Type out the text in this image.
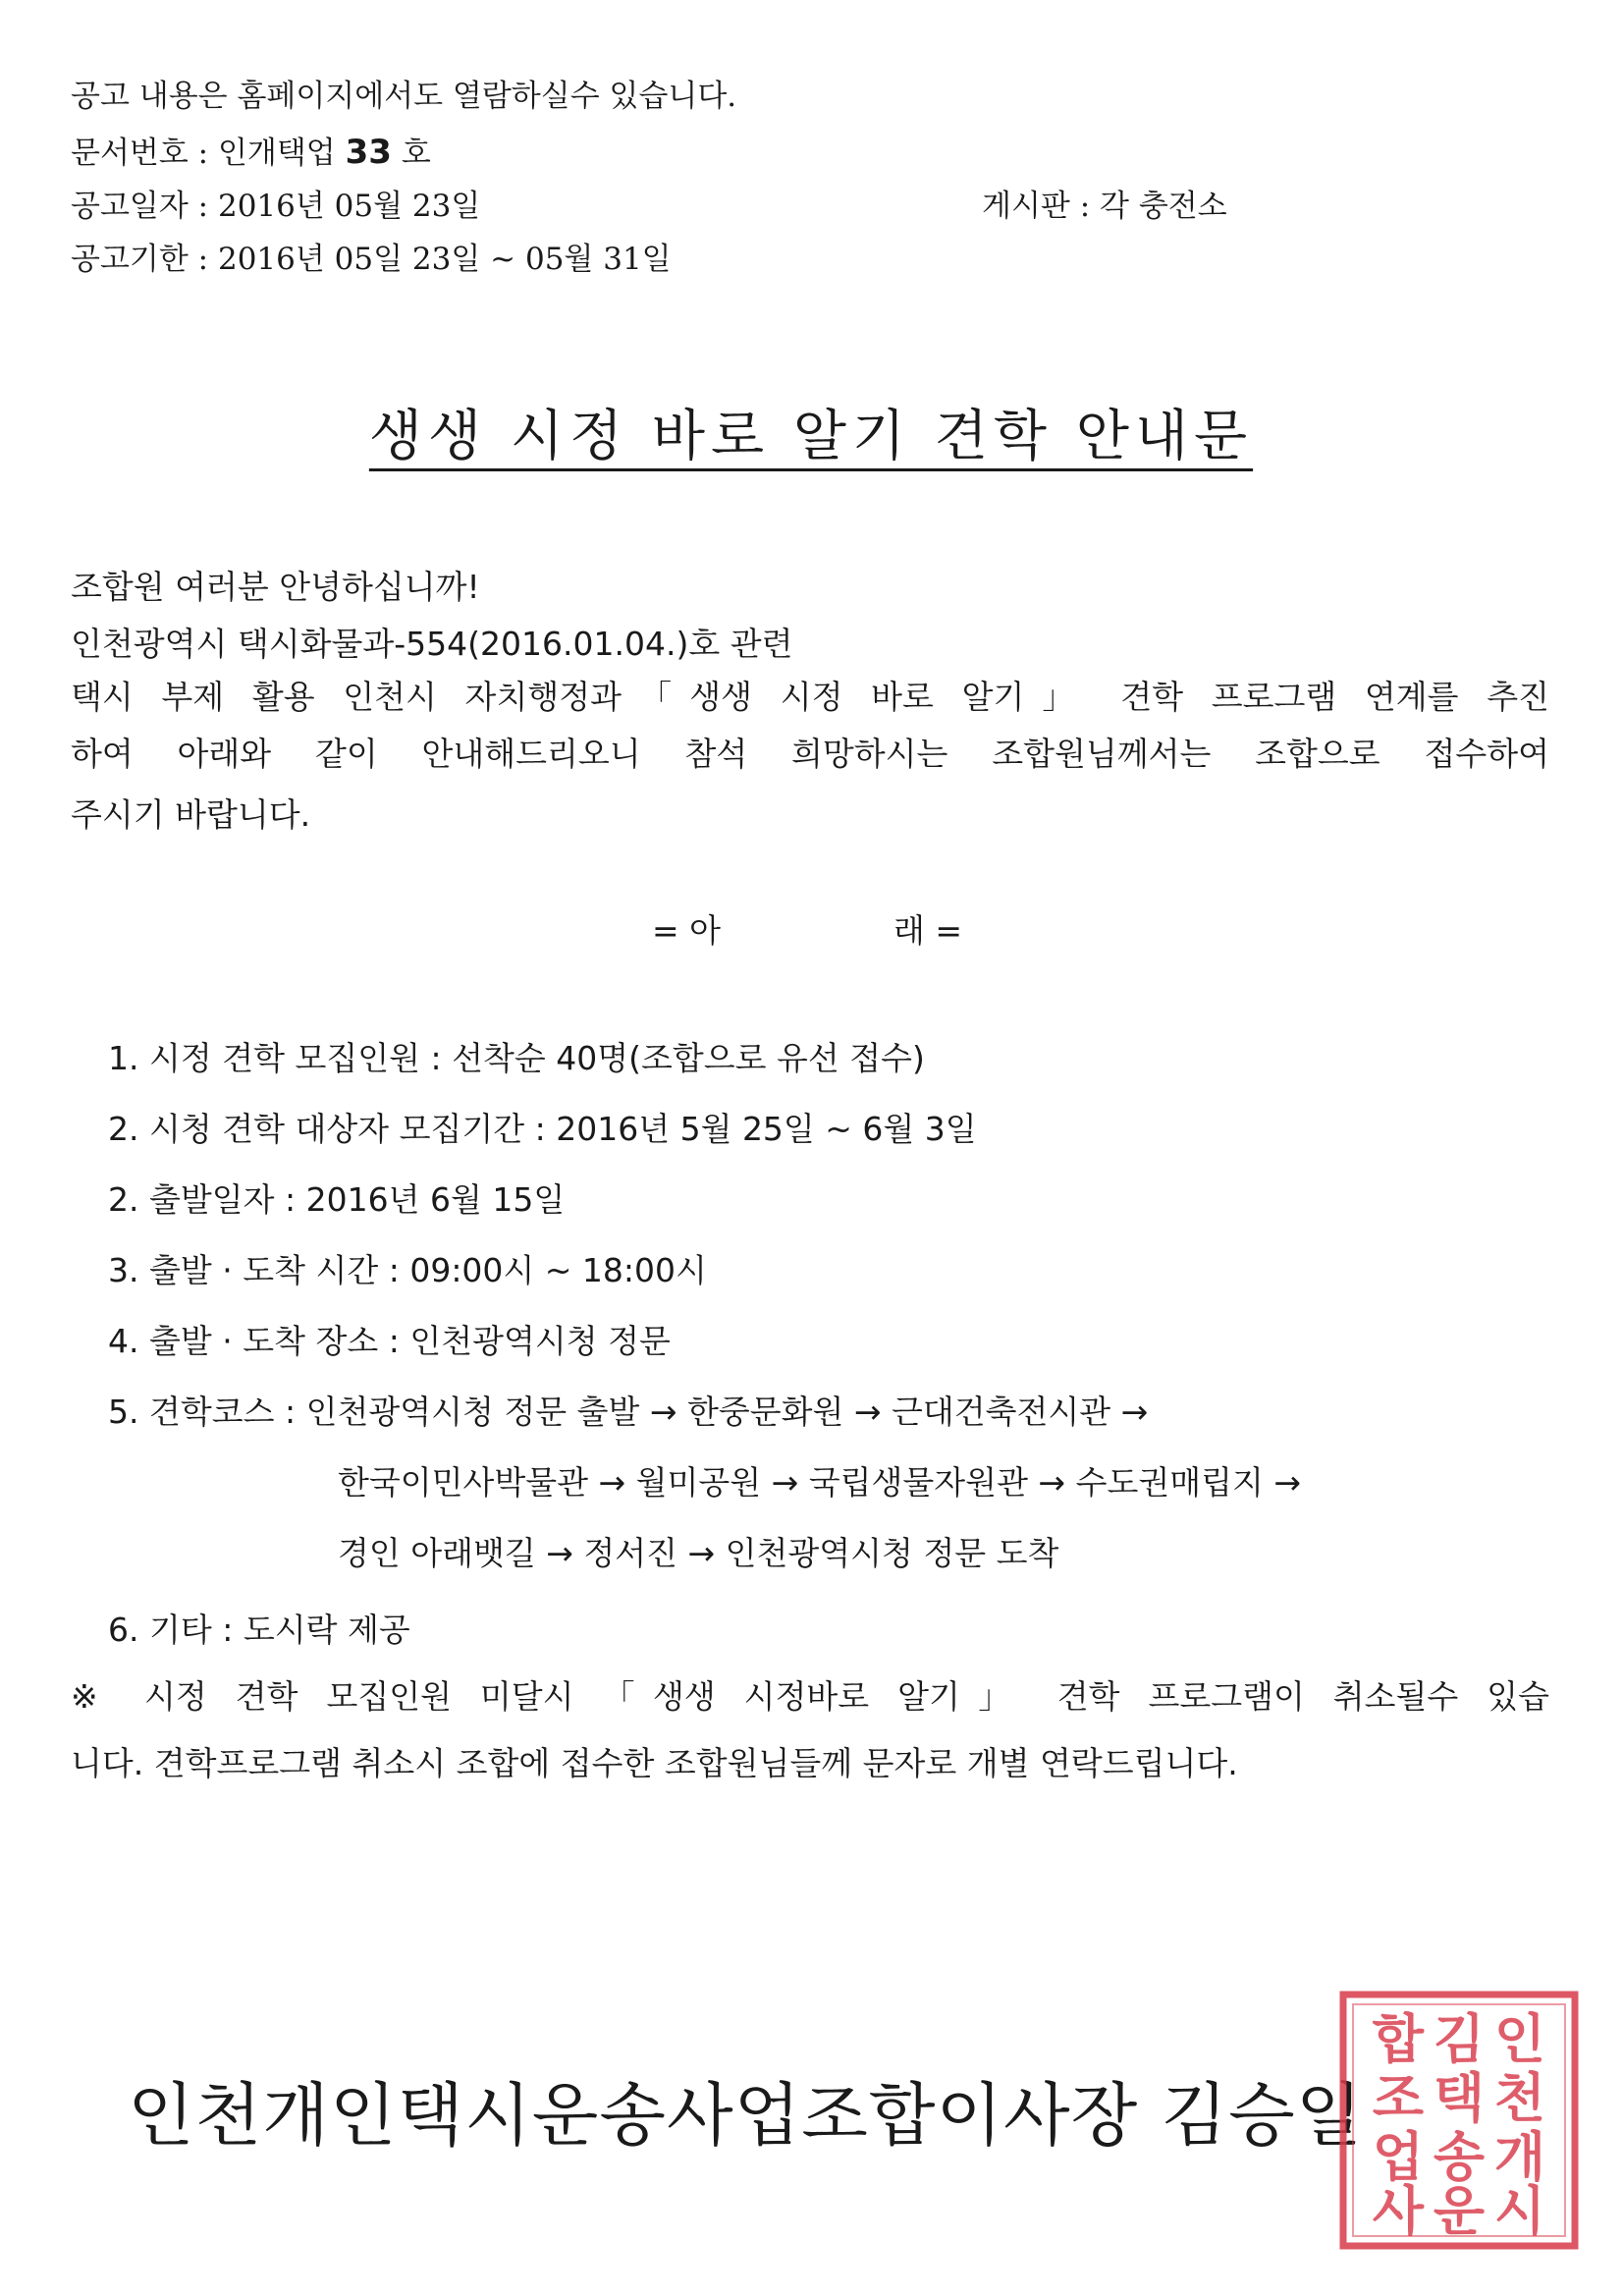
공고 내용은 홈페이지에서도 열람하실수 있습니다.
문서번호 : 인개택업 33 호
공고일자 : 2016년 05월 23일	게시판 : 각 충전소
공고기한 : 2016년 05일 23일 ~ 05월 31일
생생 시정 바로 알기 견학 안내문
조합원 여러분 안녕하십니까!
인천광역시 택시화물과-554(2016.01.04.)호 관련
택시 부제 활용 인천시 자치행정과「생생 시정 바로 알기」 견학 프로그램 연계를 추진
하여 아래와 같이 안내해드리오니 참석 희망하시는 조합원님께서는 조합으로 접수하여
주시기 바랍니다.
= 아	래 =
1. 시정 견학 모집인원 : 선착순 40명(조합으로 유선 접수)
2. 시청 견학 대상자 모집기간 : 2016년 5월 25일 ~ 6월 3일
2. 출발일자 : 2016년 6월 15일
3. 출발 · 도착 시간 : 09:00시 ~ 18:00시
4. 출발 · 도착 장소 : 인천광역시청 정문
5. 견학코스 : 인천광역시청 정문 출발 → 한중문화원 → 근대건축전시관 →
한국이민사박물관 → 월미공원 → 국립생물자원관 → 수도권매립지 →
경인 아래뱃길 → 정서진 → 인천광역시청 정문 도착
6. 기타 : 도시락 제공
※ 시정 견학 모집인원 미달시 「생생 시정바로 알기」 견학 프로그램이 취소될수 있습
니다. 견학프로그램 취소시 조합에 접수한 조합원님들께 문자로 개별 연락드립니다.
인천개인택시운송사업조합이사장 김승일
합 김 인
조 택 천
업 송 개
사 운 시
